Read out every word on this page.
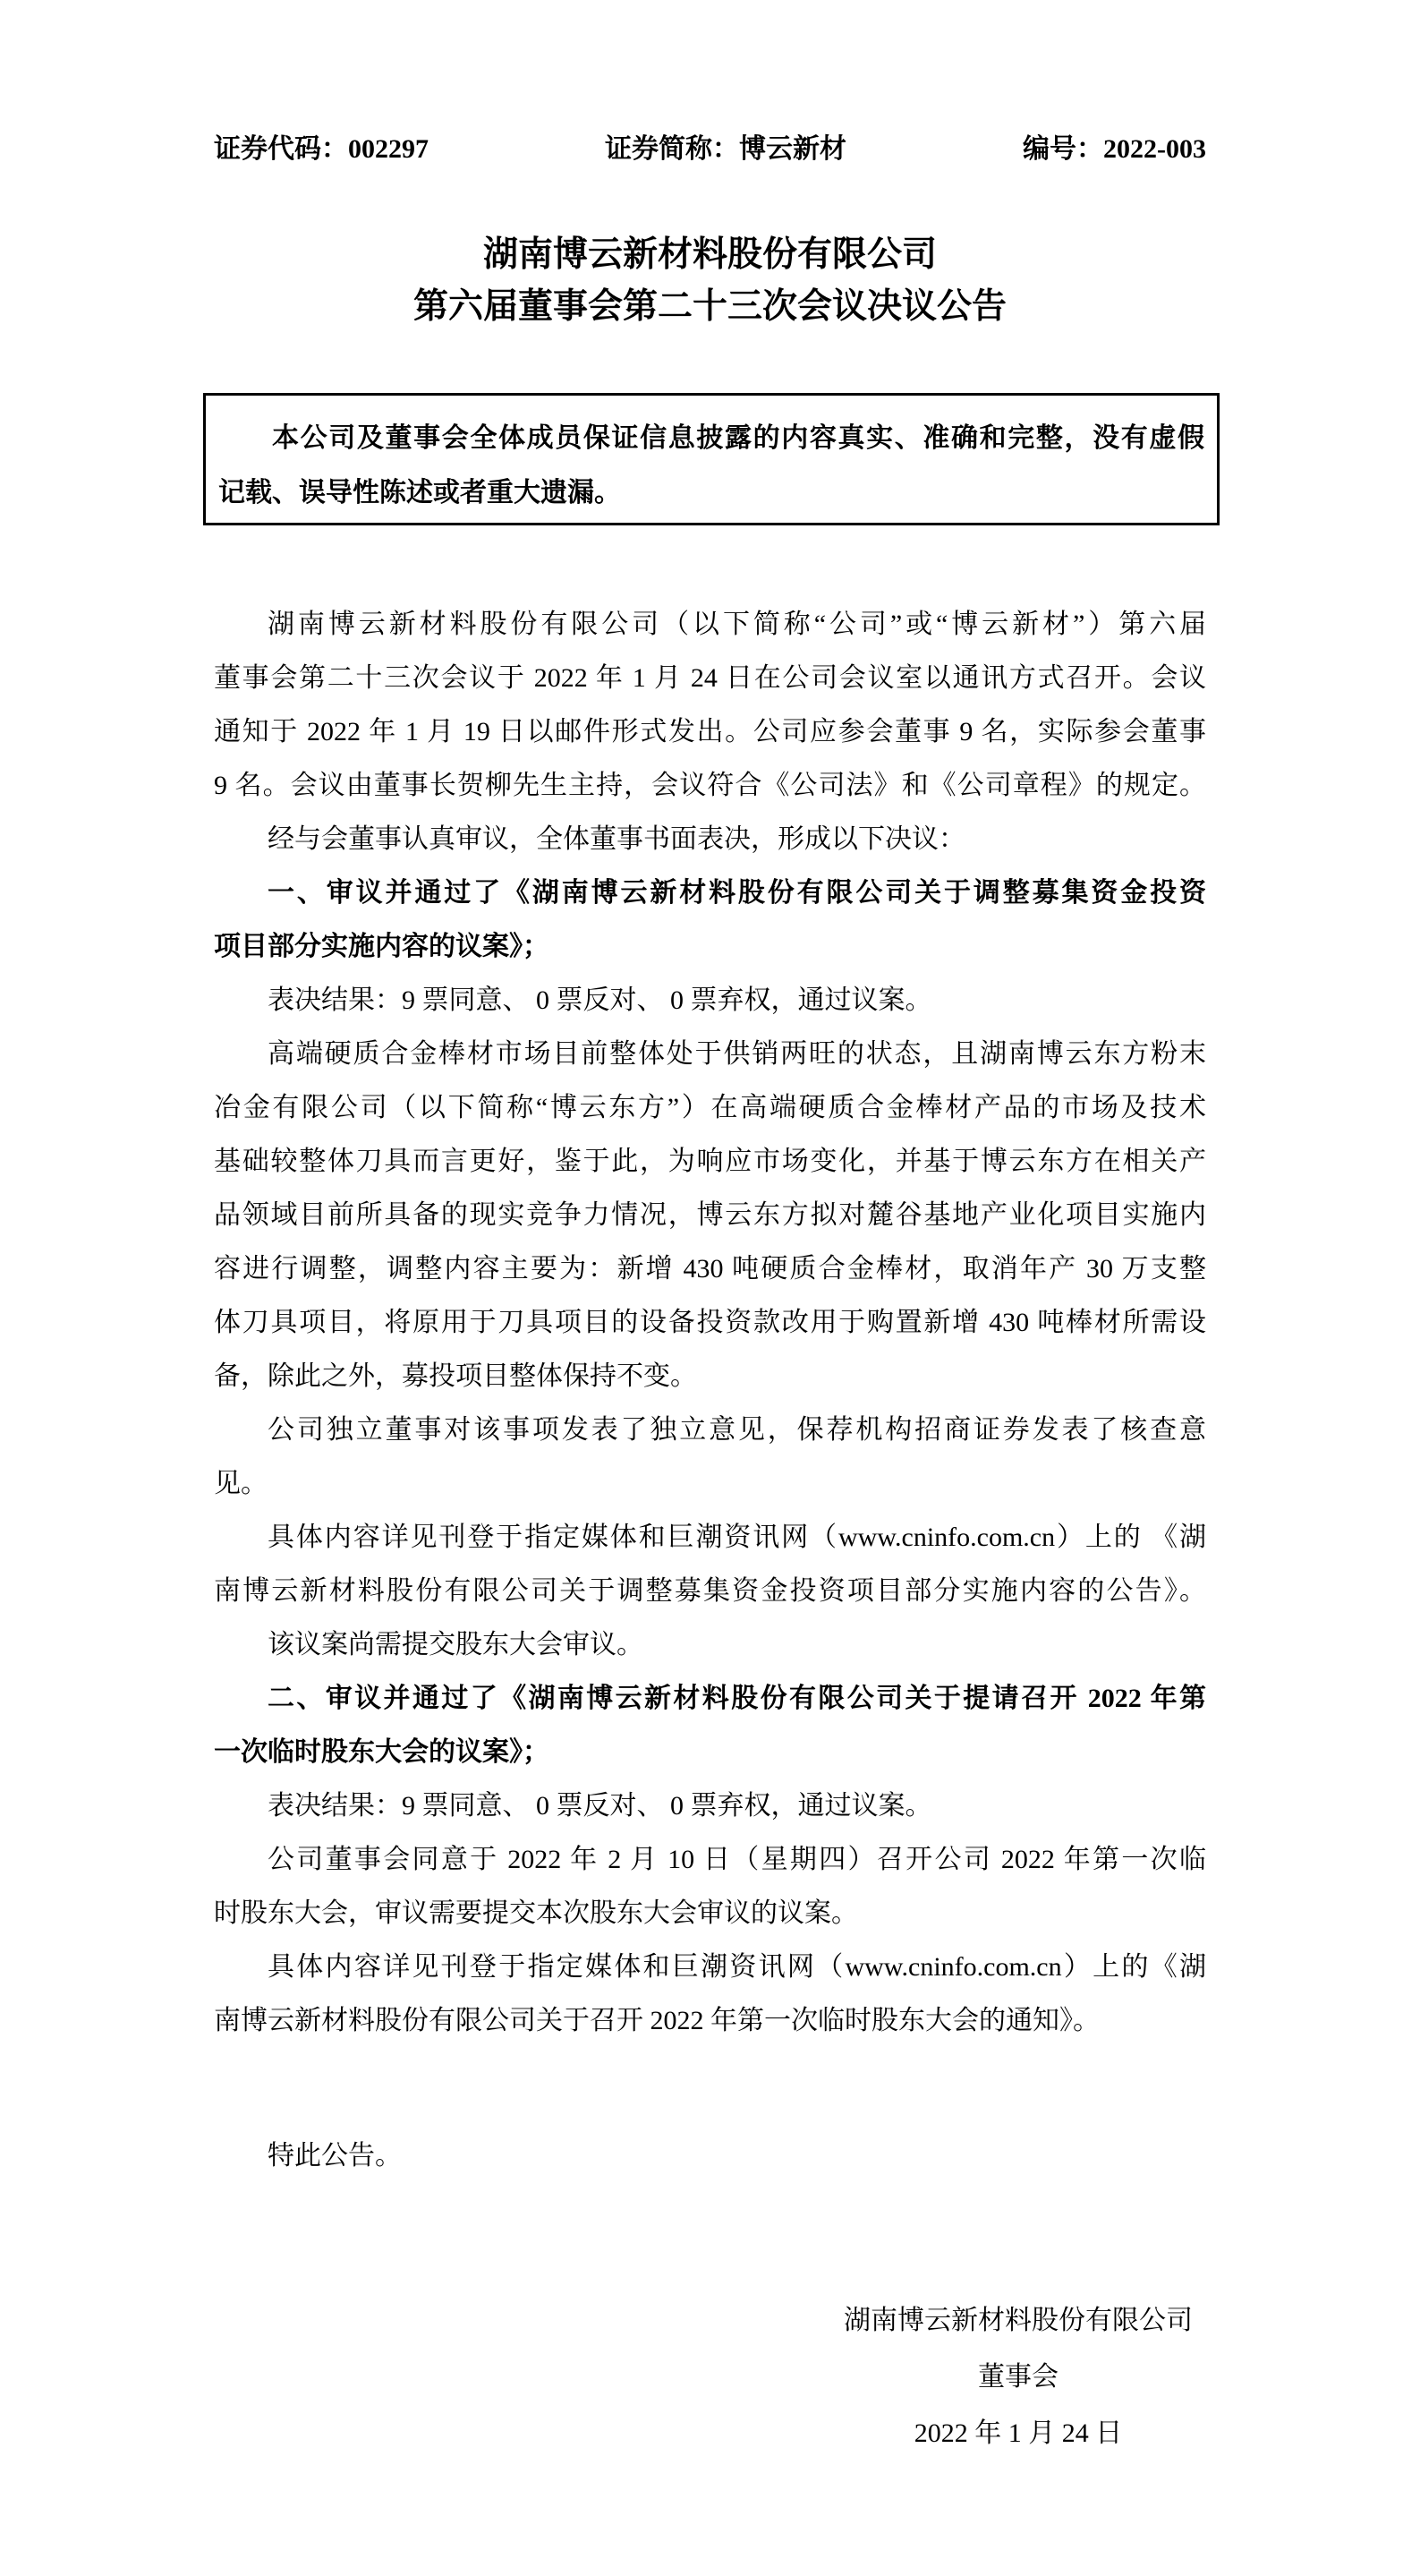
证券代码：002297	证券简称：博云新材	编号：2022-003
湖南博云新材料股份有限公司
第六届董事会第二十三次会议决议公告
本公司及董事会全体成员保证信息披露的内容真实、准确和完整，没有虚假
记载、误导性陈述或者重大遗漏。
湖南博云新材料股份有限公司（以下简称“公司”或“博云新材”）第六届
董事会第二十三次会议于 2022 年 1 月 24 日在公司会议室以通讯方式召开。会议
通知于 2022 年 1 月 19 日以邮件形式发出。公司应参会董事 9 名，实际参会董事
9 名。会议由董事长贺柳先生主持，会议符合《公司法》和《公司章程》的规定。
经与会董事认真审议，全体董事书面表决，形成以下决议：
一、审议并通过了《湖南博云新材料股份有限公司关于调整募集资金投资
项目部分实施内容的议案》；
表决结果：9 票同意、 0 票反对、 0 票弃权，通过议案。
高端硬质合金棒材市场目前整体处于供销两旺的状态，且湖南博云东方粉末
冶金有限公司（以下简称“博云东方”）在高端硬质合金棒材产品的市场及技术
基础较整体刀具而言更好，鉴于此，为响应市场变化，并基于博云东方在相关产
品领域目前所具备的现实竞争力情况，博云东方拟对麓谷基地产业化项目实施内
容进行调整，调整内容主要为：新增 430 吨硬质合金棒材，取消年产 30 万支整
体刀具项目，将原用于刀具项目的设备投资款改用于购置新增 430 吨棒材所需设
备，除此之外，募投项目整体保持不变。
公司独立董事对该事项发表了独立意见，保荐机构招商证券发表了核查意
见。
具体内容详见刊登于指定媒体和巨潮资讯网（www.cninfo.com.cn）上的 《湖
南博云新材料股份有限公司关于调整募集资金投资项目部分实施内容的公告》。
该议案尚需提交股东大会审议。
二、审议并通过了《湖南博云新材料股份有限公司关于提请召开 2022 年第
一次临时股东大会的议案》；
表决结果：9 票同意、 0 票反对、 0 票弃权，通过议案。
公司董事会同意于 2022 年 2 月 10 日（星期四）召开公司 2022 年第一次临
时股东大会，审议需要提交本次股东大会审议的议案。
具体内容详见刊登于指定媒体和巨潮资讯网（www.cninfo.com.cn）上的《湖
南博云新材料股份有限公司关于召开 2022 年第一次临时股东大会的通知》。
特此公告。
湖南博云新材料股份有限公司
董事会
2022 年 1 月 24 日
